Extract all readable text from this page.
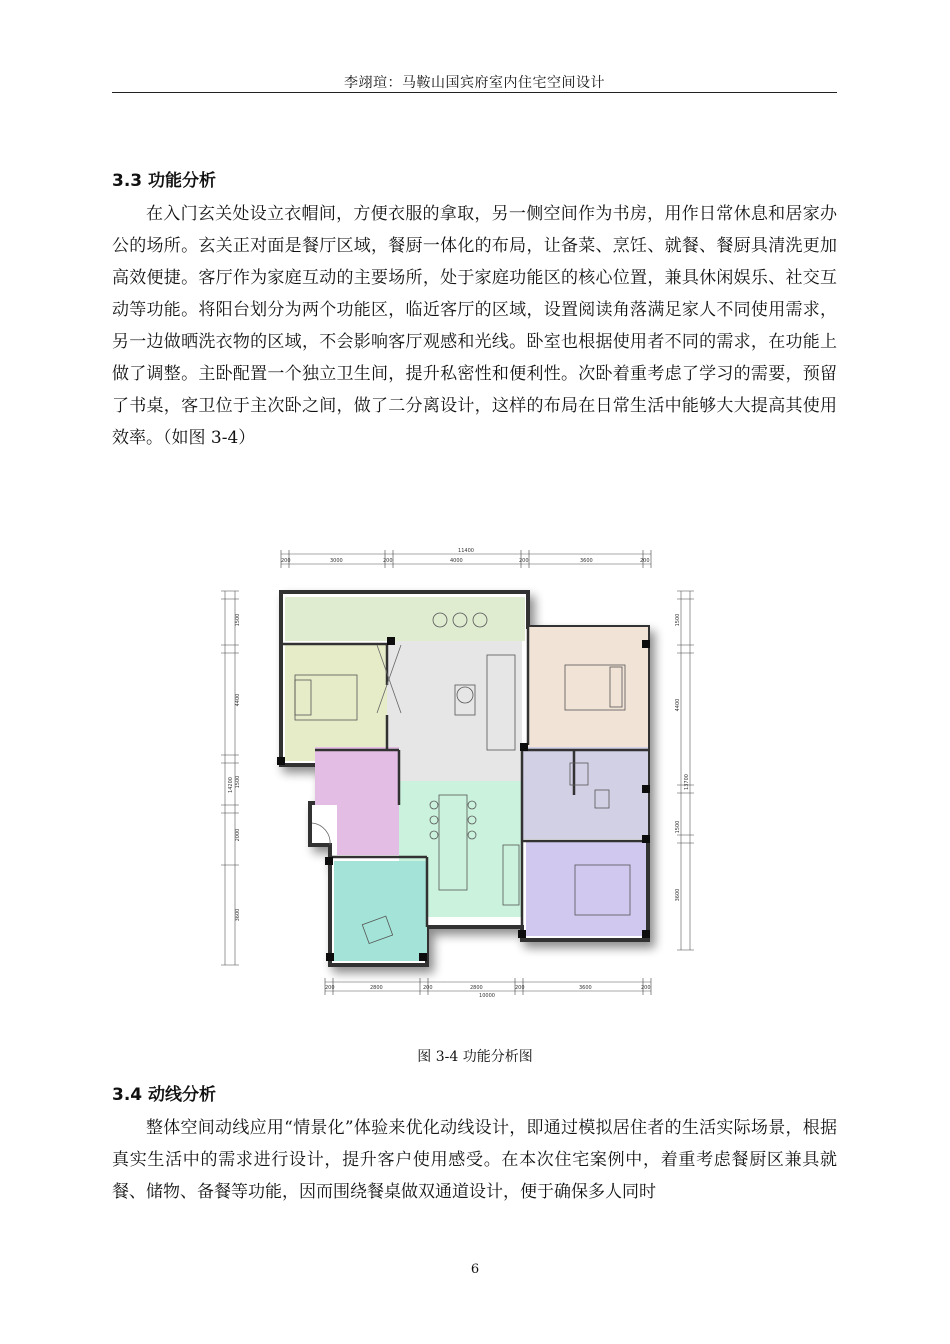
李翊瑄：马鞍山国宾府室内住宅空间设计
3.3 功能分析

在入门玄关处设立衣帽间，方便衣服的拿取，另一侧空间作为书房，用作日常休息和居家办公的场所。玄关正对面是餐厅区域，餐厨一体化的布局，让备菜、烹饪、就餐、餐厨具清洗更加高效便捷。客厅作为家庭互动的主要场所，处于家庭功能区的核心位置，兼具休闲娱乐、社交互动等功能。将阳台划分为两个功能区，临近客厅的区域，设置阅读角落满足家人不同使用需求，另一边做晒洗衣物的区域，不会影响客厅观感和光线。卧室也根据使用者不同的需求，在功能上做了调整。主卧配置一个独立卫生间，提升私密性和便利性。次卧着重考虑了学习的需要，预留了书桌，客卫位于主次卧之间，做了二分离设计，这样的布局在日常生活中能够大大提高其使用效率。（如图 3-4）

11400
200	3000	200	4000	200	3600	200
200	2800	200	2800	200	3600	200
10000
14200
1500
4400
1500
2000
3600
13700
1500
4400
1500
3600
图 3-4 功能分析图
3.4 动线分析

整体空间动线应用“情景化”体验来优化动线设计，即通过模拟居住者的生活实际场景，根据真实生活中的需求进行设计，提升客户使用感受。在本次住宅案例中，着重考虑餐厨区兼具就餐、储物、备餐等功能，因而围绕餐桌做双通道设计，便于确保多人同时

6
